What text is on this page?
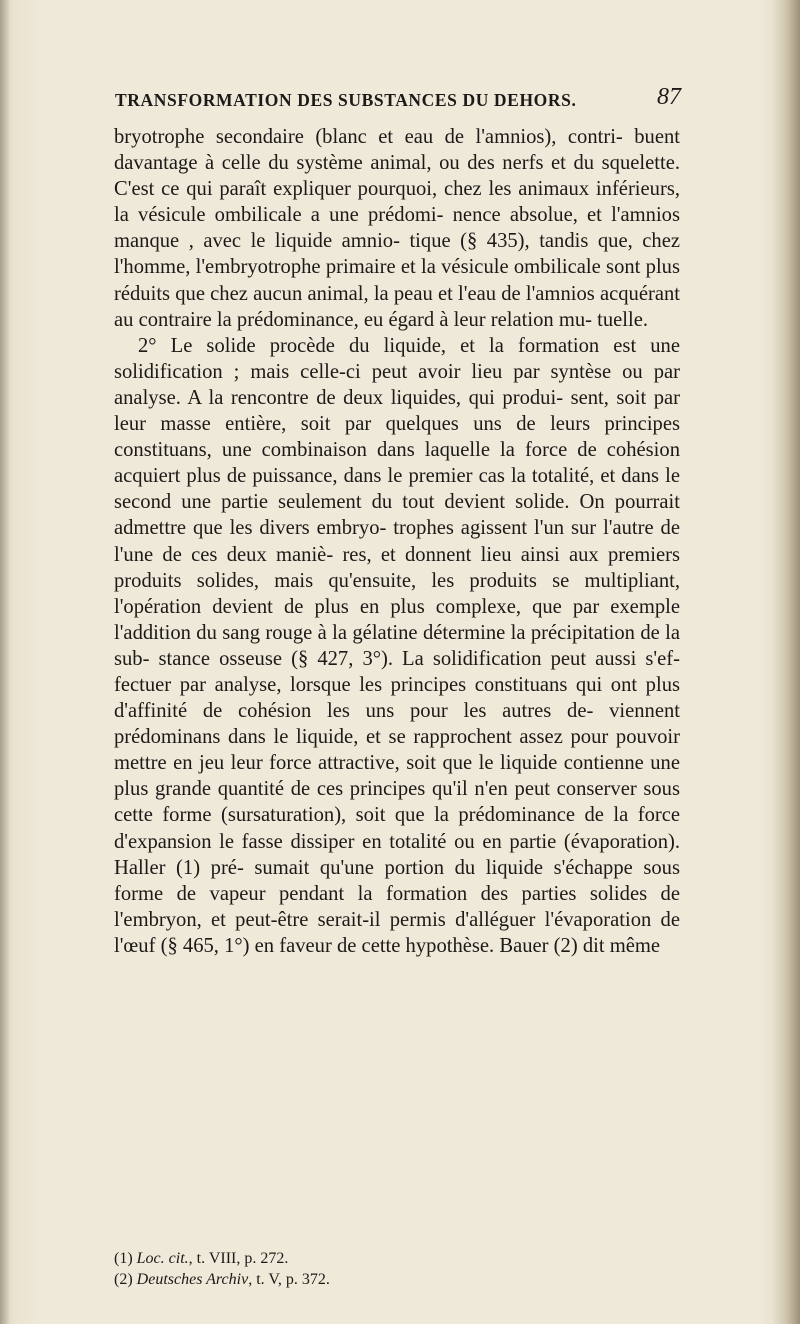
TRANSFORMATION DES SUBSTANCES DU DEHORS.	87

bryotrophe secondaire (blanc et eau de l'amnios), contri- buent davantage à celle du système animal, ou des nerfs et du squelette. C'est ce qui paraît expliquer pourquoi, chez les animaux inférieurs, la vésicule ombilicale a une prédomi- nence absolue, et l'amnios manque , avec le liquide amnio- tique (§ 435), tandis que, chez l'homme, l'embryotrophe primaire et la vésicule ombilicale sont plus réduits que chez aucun animal, la peau et l'eau de l'amnios acquérant au contraire la prédominance, eu égard à leur relation mu- tuelle.

2° Le solide procède du liquide, et la formation est une solidification ; mais celle-ci peut avoir lieu par syntèse ou par analyse. A la rencontre de deux liquides, qui produi- sent, soit par leur masse entière, soit par quelques uns de leurs principes constituans, une combinaison dans laquelle la force de cohésion acquiert plus de puissance, dans le premier cas la totalité, et dans le second une partie seulement du tout devient solide. On pourrait admettre que les divers embryo- trophes agissent l'un sur l'autre de l'une de ces deux maniè- res, et donnent lieu ainsi aux premiers produits solides, mais qu'ensuite, les produits se multipliant, l'opération devient de plus en plus complexe, que par exemple l'addition du sang rouge à la gélatine détermine la précipitation de la sub- stance osseuse (§ 427, 3°). La solidification peut aussi s'ef- fectuer par analyse, lorsque les principes constituans qui ont plus d'affinité de cohésion les uns pour les autres de- viennent prédominans dans le liquide, et se rapprochent assez pour pouvoir mettre en jeu leur force attractive, soit que le liquide contienne une plus grande quantité de ces principes qu'il n'en peut conserver sous cette forme (sursaturation), soit que la prédominance de la force d'expansion le fasse dissiper en totalité ou en partie (évaporation). Haller (1) pré- sumait qu'une portion du liquide s'échappe sous forme de vapeur pendant la formation des parties solides de l'embryon, et peut-être serait-il permis d'alléguer l'évaporation de l'œuf (§ 465, 1°) en faveur de cette hypothèse. Bauer (2) dit même

(1) Loc. cit., t. VIII, p. 272.
(2) Deutsches Archiv, t. V, p. 372.
